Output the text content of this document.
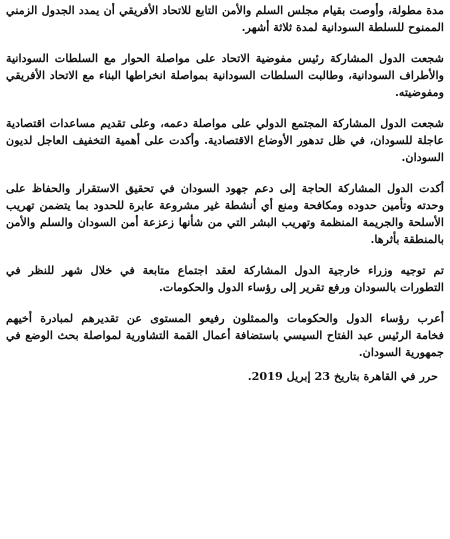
مدة مطولة، وأوصت بقيام مجلس السلم والأمن التابع للاتحاد الأفريقي أن يمدد الجدول الزمني
الممنوح للسلطة السودانية لمدة ثلاثة أشهر.
شجعت الدول المشاركة رئيس مفوضية الاتحاد على مواصلة الحوار مع السلطات السودانية
والأطراف السودانية، وطالبت السلطات السودانية بمواصلة انخراطها البناء مع الاتحاد الأفريقي
ومفوضيته.
شجعت الدول المشاركة المجتمع الدولي على مواصلة دعمه، وعلى تقديم مساعدات اقتصادية
عاجلة للسودان، في ظل تدهور الأوضاع الاقتصادية. وأكدت على أهمية التخفيف العاجل لديون
السودان.
أكدت الدول المشاركة الحاجة إلى دعم جهود السودان في تحقيق الاستقرار والحفاظ على
وحدته وتأمين حدوده ومكافحة ومنع أي أنشطة غير مشروعة عابرة للحدود بما يتضمن تهريب
الأسلحة والجريمة المنظمة وتهريب البشر التي من شأنها زعزعة أمن السودان والسلم والأمن
بالمنطقة بأثرها.
تم توجيه وزراء خارجية الدول المشاركة لعقد اجتماع متابعة في خلال شهر للنظر في
التطورات بالسودان ورفع تقرير إلى رؤساء الدول والحكومات.
أعرب رؤساء الدول والحكومات والممثلون رفيعو المستوى عن تقديرهم لمبادرة أخيهم
فخامة الرئيس عبد الفتاح السيسي باستضافة أعمال القمة التشاورية لمواصلة بحث الوضع في
جمهورية السودان.
حرر في القاهرة بتاريخ 23 إبريل 2019.
